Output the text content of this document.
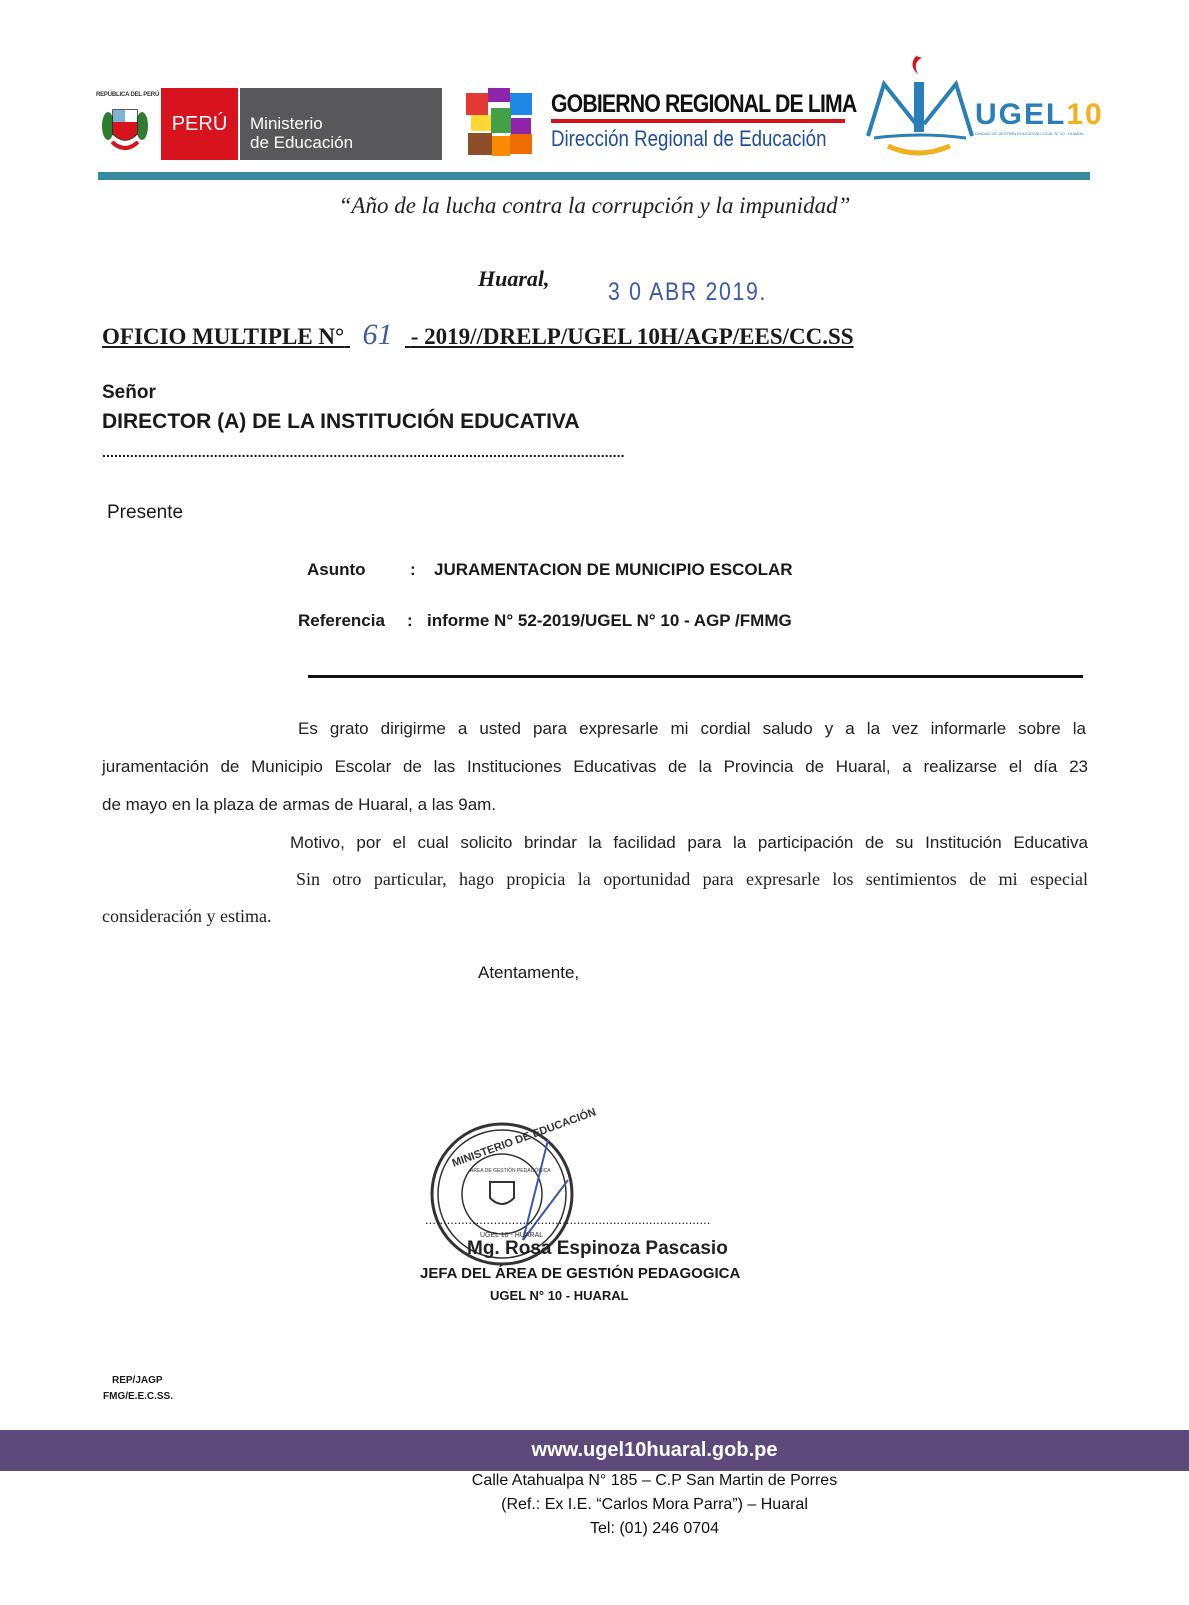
REPÚBLICA DEL PERÚ
PERÚ	Ministerio
de Educación
GOBIERNO REGIONAL DE LIMA
Dirección Regional de Educación
UGEL10
UNIDAD DE GESTIÓN EDUCATIVA LOCAL N° 10 - HUARAL
“Año de la lucha contra la corrupción y la impunidad”
Huaral, 3 0 ABR 2019.
OFICIO MULTIPLE N° 61 - 2019//DRELP/UGEL 10H/AGP/EES/CC.SS
Señor
DIRECTOR (A) DE LA INSTITUCIÓN EDUCATIVA
...................................................................................................................................
Presente
Asunto	: JURAMENTACION DE MUNICIPIO ESCOLAR
Referencia : informe N° 52-2019/UGEL N° 10 - AGP /FMMG
Es grato dirigirme a usted para expresarle mi cordial saludo y a la vez informarle sobre la
juramentación de Municipio Escolar de las Instituciones Educativas de la Provincia de Huaral, a realizarse el día 23
de mayo en la plaza de armas de Huaral, a las 9am.
Motivo, por el cual solicito brindar la facilidad para la participación de su Institución Educativa
Sin otro particular, hago propicia la oportunidad para expresarle los sentimientos de mi especial
consideración y estima.
Atentamente,
MINISTERIO DE EDUCACIÓN
ÁREA DE GESTIÓN PEDAGÓGICA
UGEL 10 - HUARAL
...............................................................................
Mg. Rosa Espinoza Pascasio
JEFA DEL ÁREA DE GESTIÓN PEDAGOGICA
UGEL N° 10 - HUARAL
REP/JAGP
FMG/E.E.C.SS.
www.ugel10huaral.gob.pe
Calle Atahualpa N° 185 – C.P San Martin de Porres
(Ref.: Ex I.E. “Carlos Mora Parra”) – Huaral
Tel: (01) 246 0704
